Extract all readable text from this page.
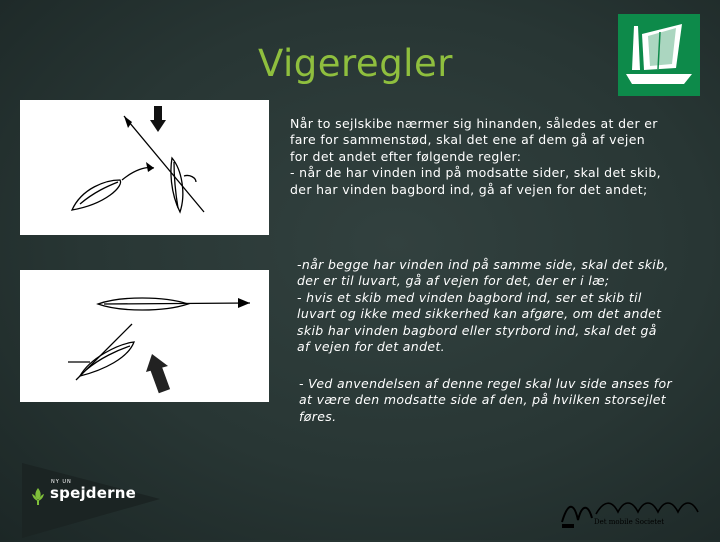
Vigeregler

Når to sejlskibe nærmer sig hinanden, således at der er

fare for sammenstød, skal det ene af dem gå af vejen

for det andet efter følgende regler:

- når de har vinden ind på modsatte sider, skal det skib,

der har vinden bagbord ind, gå af vejen for det andet;

-når begge har vinden ind på samme side, skal det skib,

der er til luvart, gå af vejen for det, der er i læ;

- hvis et skib med vinden bagbord ind, ser et skib til

luvart og ikke med sikkerhed kan afgøre, om det andet

skib har vinden bagbord eller styrbord ind, skal det gå

af vejen for det andet.

- Ved anvendelsen af denne regel skal luv side anses for

at være den modsatte side af den, på hvilken storsejlet

føres.

NY UN
spejderne
Det mobile Societet
